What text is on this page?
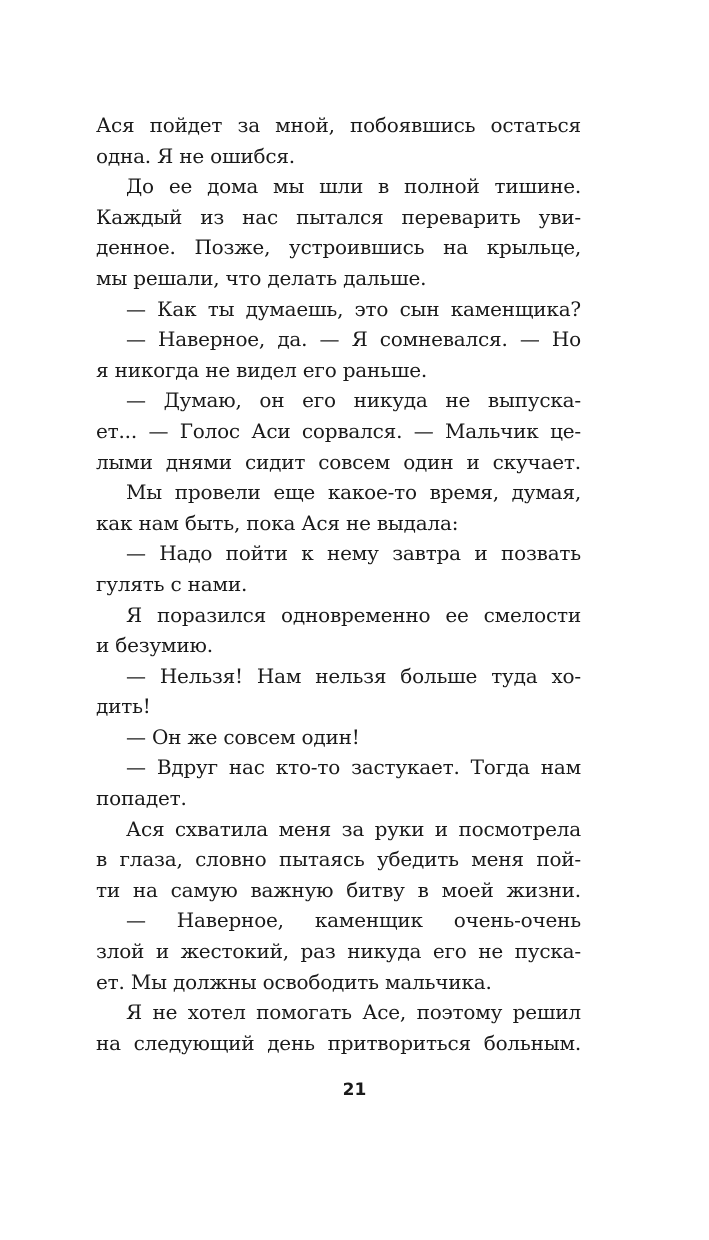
Ася пойдет за мной, побоявшись остаться
одна. Я не ошибся.
До ее дома мы шли в полной тишине.
Каждый из нас пытался переварить уви-
денное. Позже, устроившись на крыльце,
мы решали, что делать дальше.
— Как ты думаешь, это сын каменщика?
— Наверное, да. — Я сомневался. — Но
я никогда не видел его раньше.
— Думаю, он его никуда не выпуска-
ет... — Голос Аси сорвался. — Мальчик це-
лыми днями сидит совсем один и скучает.
Мы провели еще какое-то время, думая,
как нам быть, пока Ася не выдала:
— Надо пойти к нему завтра и позвать
гулять с нами.
Я поразился одновременно ее смелости
и безумию.
— Нельзя! Нам нельзя больше туда хо-
дить!
— Он же совсем один!
— Вдруг нас кто-то застукает. Тогда нам
попадет.
Ася схватила меня за руки и посмотрела
в глаза, словно пытаясь убедить меня пой-
ти на самую важную битву в моей жизни.
— Наверное, каменщик очень-очень
злой и жестокий, раз никуда его не пуска-
ет. Мы должны освободить мальчика.
Я не хотел помогать Асе, поэтому решил
на следующий день притвориться больным.
21
